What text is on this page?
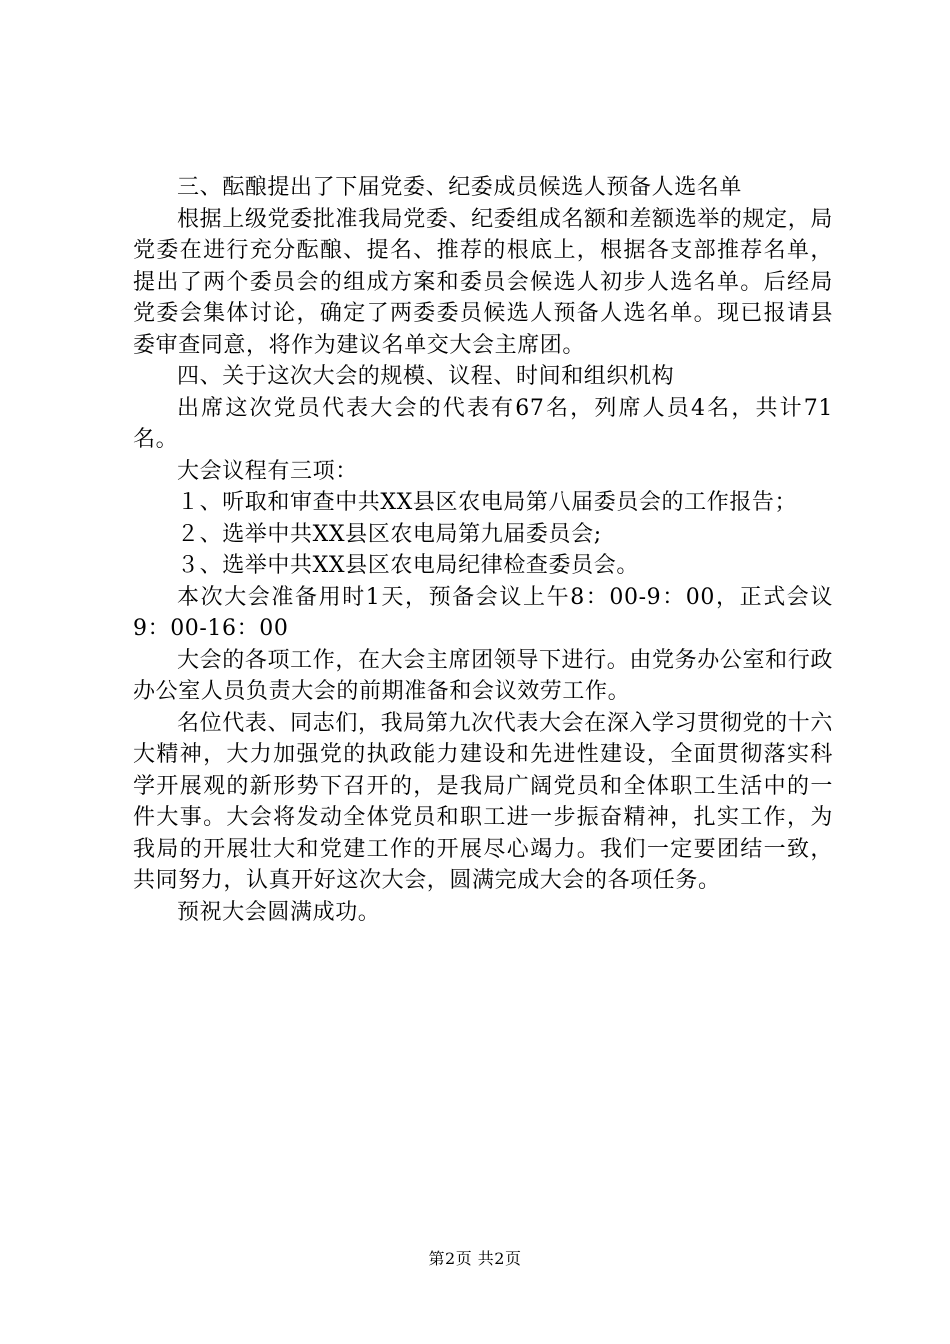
三、酝酿提出了下届党委、纪委成员候选人预备人选名单

根据上级党委批准我局党委、纪委组成名额和差额选举的规定，局党委在进行充分酝酿、提名、推荐的根底上，根据各支部推荐名单，提出了两个委员会的组成方案和委员会候选人初步人选名单。后经局党委会集体讨论，确定了两委委员候选人预备人选名单。现已报请县委审查同意，将作为建议名单交大会主席团。

四、关于这次大会的规模、议程、时间和组织机构

出席这次党员代表大会的代表有67名，列席人员4名，共计71名。

大会议程有三项：

１、听取和审查中共XX县区农电局第八届委员会的工作报告；

２、选举中共XX县区农电局第九届委员会;

３、选举中共XX县区农电局纪律检查委员会。

本次大会准备用时1天，预备会议上午8：00-9：00，正式会议9：00-16：00

大会的各项工作，在大会主席团领导下进行。由党务办公室和行政办公室人员负责大会的前期准备和会议效劳工作。

名位代表、同志们，我局第九次代表大会在深入学习贯彻党的十六大精神，大力加强党的执政能力建设和先进性建设，全面贯彻落实科学开展观的新形势下召开的，是我局广阔党员和全体职工生活中的一件大事。大会将发动全体党员和职工进一步振奋精神，扎实工作，为我局的开展壮大和党建工作的开展尽心竭力。我们一定要团结一致，共同努力，认真开好这次大会，圆满完成大会的各项任务。

预祝大会圆满成功。

第2页 共2页
